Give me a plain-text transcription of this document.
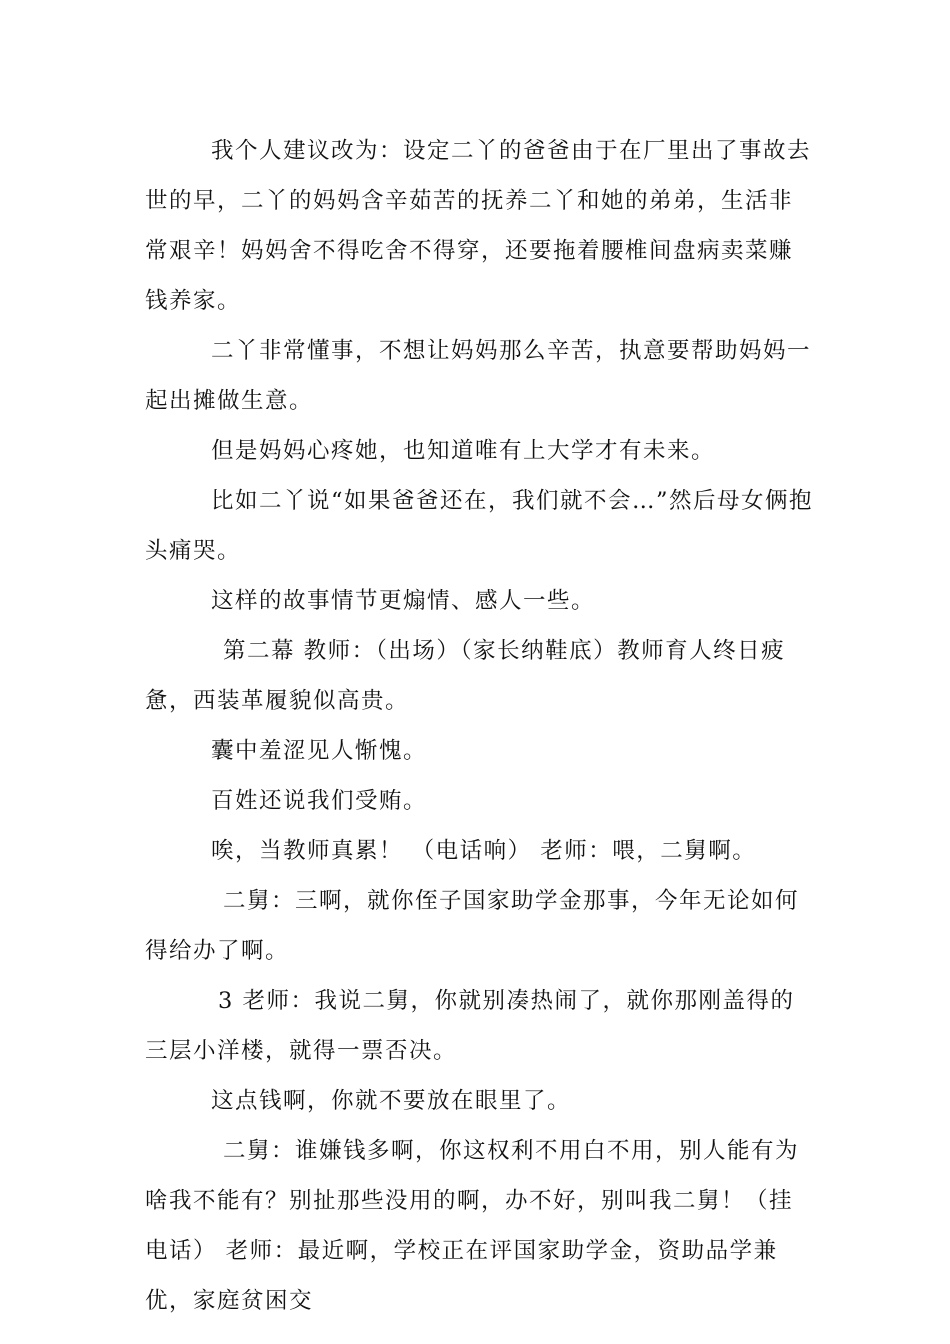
我个人建议改为：设定二丫的爸爸由于在厂里出了事故去世的早，二丫的妈妈含辛茹苦的抚养二丫和她的弟弟，生活非常艰辛！妈妈舍不得吃舍不得穿，还要拖着腰椎间盘病卖菜赚钱养家。

二丫非常懂事，不想让妈妈那么辛苦，执意要帮助妈妈一起出摊做生意。

但是妈妈心疼她，也知道唯有上大学才有未来。

比如二丫说“如果爸爸还在，我们就不会…”然后母女俩抱头痛哭。

这样的故事情节更煽情、感人一些。

第二幕 教师：（出场）（家长纳鞋底）教师育人终日疲惫，西装革履貌似高贵。

囊中羞涩见人惭愧。

百姓还说我们受贿。

唉，当教师真累！ （电话响） 老师：喂，二舅啊。

二舅：三啊，就你侄子国家助学金那事，今年无论如何得给办了啊。

3 老师：我说二舅，你就别凑热闹了，就你那刚盖得的三层小洋楼，就得一票否决。

这点钱啊，你就不要放在眼里了。

二舅：谁嫌钱多啊，你这权利不用白不用，别人能有为啥我不能有？别扯那些没用的啊，办不好，别叫我二舅！（挂电话） 老师：最近啊，学校正在评国家助学金，资助品学兼优，家庭贫困交
